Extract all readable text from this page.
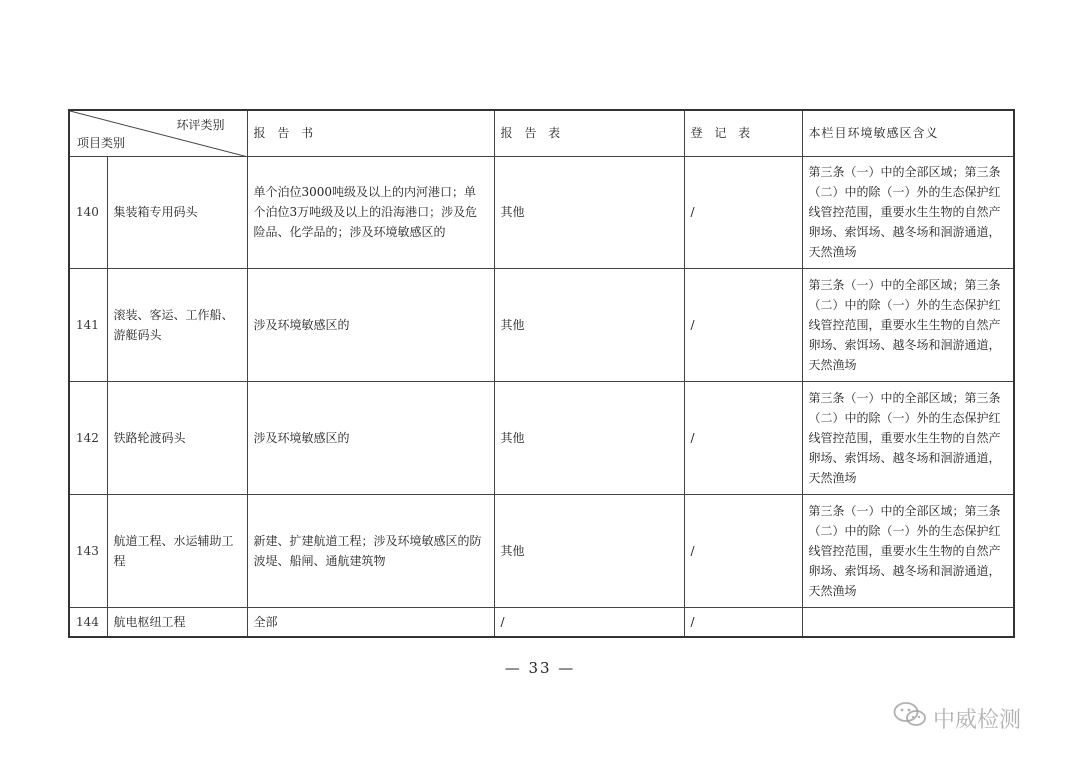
环评类别
项目类别		报 告 书	报 告 表	登 记 表	本栏目环境敏感区含义
140	集装箱专用码头	单个泊位3000吨级及以上的内河港口；单个泊位3万吨级及以上的沿海港口；涉及危险品、化学品的；涉及环境敏感区的	其他	/	第三条（一）中的全部区域；第三条（二）中的除（一）外的生态保护红线管控范围，重要水生生物的自然产卵场、索饵场、越冬场和洄游通道，天然渔场
141	滚装、客运、工作船、游艇码头	涉及环境敏感区的	其他	/	第三条（一）中的全部区域；第三条（二）中的除（一）外的生态保护红线管控范围，重要水生生物的自然产卵场、索饵场、越冬场和洄游通道，天然渔场
142	铁路轮渡码头	涉及环境敏感区的	其他	/	第三条（一）中的全部区域；第三条（二）中的除（一）外的生态保护红线管控范围，重要水生生物的自然产卵场、索饵场、越冬场和洄游通道，天然渔场
143	航道工程、水运辅助工程	新建、扩建航道工程；涉及环境敏感区的防波堤、船闸、通航建筑物	其他	/	第三条（一）中的全部区域；第三条（二）中的除（一）外的生态保护红线管控范围，重要水生生物的自然产卵场、索饵场、越冬场和洄游通道，天然渔场
144	航电枢纽工程	全部	/	/	
— 33 —
中威检测
